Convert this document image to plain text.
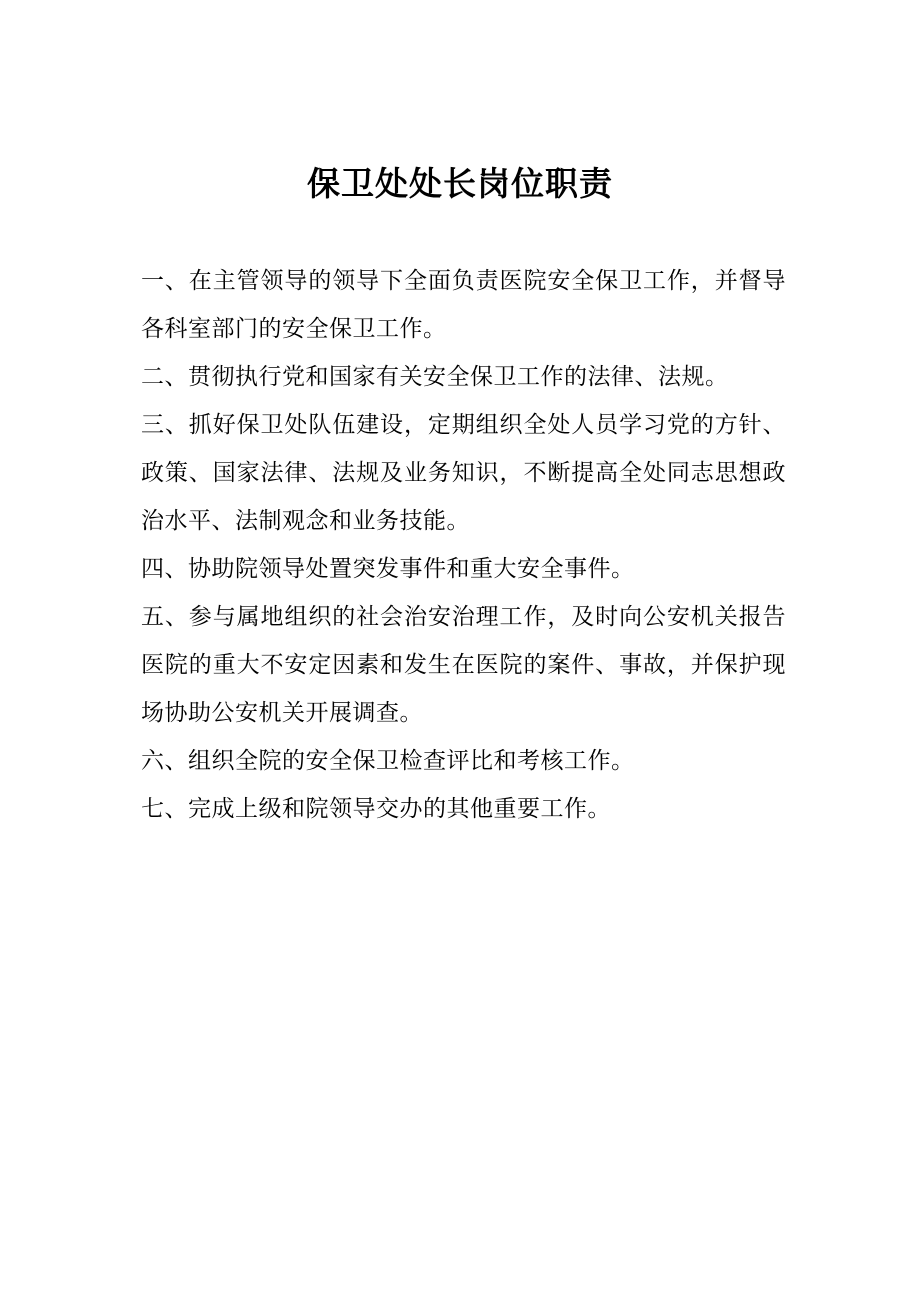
保卫处处长岗位职责

一、在主管领导的领导下全面负责医院安全保卫工作，并督导各科室部门的安全保卫工作。

二、贯彻执行党和国家有关安全保卫工作的法律、法规。

三、抓好保卫处队伍建设，定期组织全处人员学习党的方针、政策、国家法律、法规及业务知识，不断提高全处同志思想政治水平、法制观念和业务技能。

四、协助院领导处置突发事件和重大安全事件。

五、参与属地组织的社会治安治理工作，及时向公安机关报告医院的重大不安定因素和发生在医院的案件、事故，并保护现场协助公安机关开展调查。

六、组织全院的安全保卫检查评比和考核工作。

七、完成上级和院领导交办的其他重要工作。
